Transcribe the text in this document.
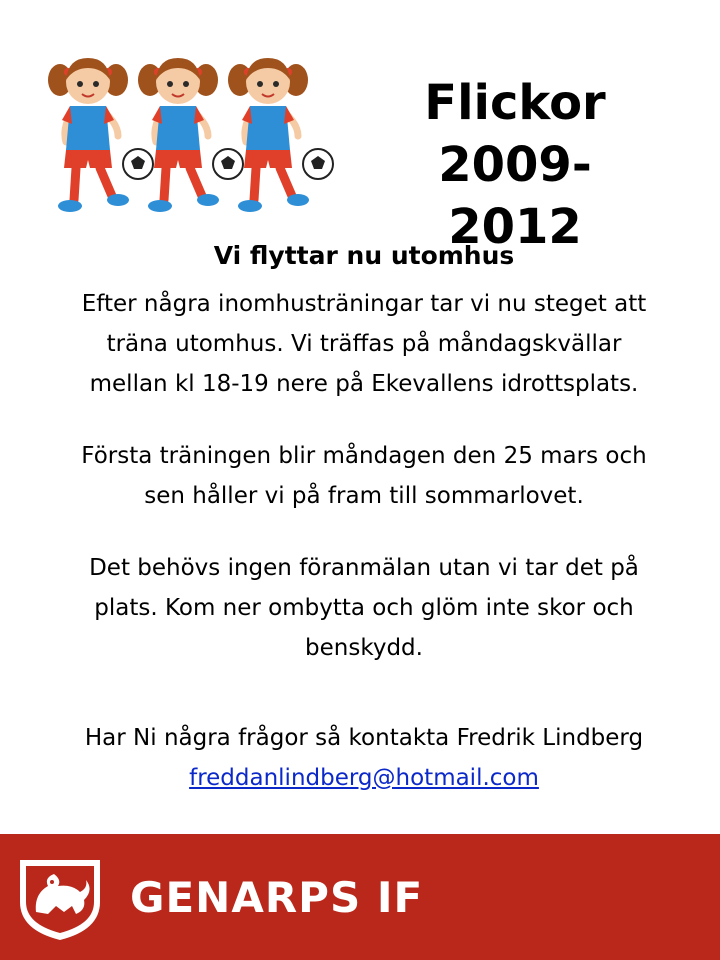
Flickor
2009-2012
Vi flyttar nu utomhus
Efter några inomhusträningar tar vi nu steget att
träna utomhus. Vi träffas på måndagskvällar
mellan kl 18-19 nere på Ekevallens idrottsplats.
Första träningen blir måndagen den 25 mars och
sen håller vi på fram till sommarlovet.
Det behövs ingen föranmälan utan vi tar det på
plats. Kom ner ombytta och glöm inte skor och
benskydd.
Har Ni några frågor så kontakta Fredrik Lindberg
freddanlindberg@hotmail.com
GENARPS IF
